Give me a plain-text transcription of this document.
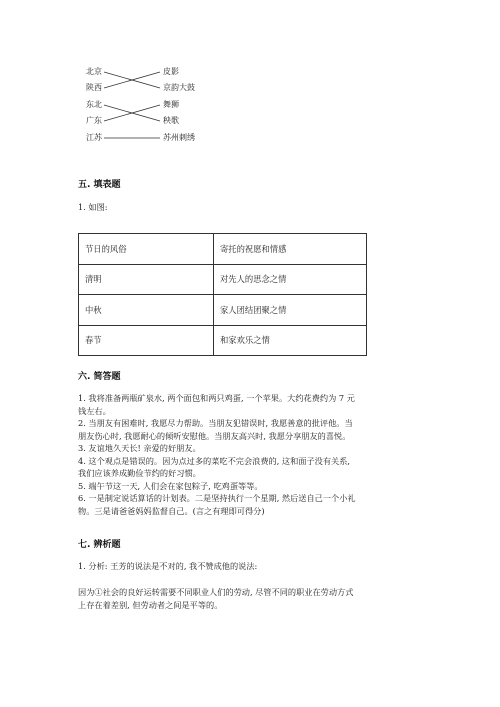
北京
陕西
东北
广东
江苏
皮影
京韵大鼓
舞狮
秧歌
苏州刺绣
五. 填表题
1. 如图:
节日的风俗	寄托的祝愿和情感
清明	对先人的思念之情
中秋	家人团结团聚之情
春节	和家欢乐之情
六. 简答题
1. 我将准备两瓶矿泉水, 两个面包和两只鸡蛋, 一个苹果。大约花费约为 7 元
钱左右。
2. 当朋友有困难时, 我愿尽力帮助。当朋友犯错误时, 我愿善意的批评他。当
朋友伤心时, 我愿耐心的倾听安慰他。当朋友高兴时, 我愿分享朋友的喜悦。
3. 友谊地久天长! 亲爱的好朋友。
4. 这个观点是错误的。因为点过多的菜吃不完会浪费的, 这和面子没有关系,
我们应该养成勤俭节约的好习惯。
5. 端午节这一天, 人们会在家包粽子, 吃鸡蛋等等。
6. 一是制定说话算话的计划表。二是坚持执行一个星期, 然后送自己一个小礼
物。三是请爸爸妈妈监督自己。(言之有理即可得分)
七. 辨析题
1. 分析: 王芳的说法是不对的, 我不赞成他的说法:
因为①社会的良好运转需要不同职业人们的劳动, 尽管不同的职业在劳动方式
上存在着差别, 但劳动者之间是平等的。
